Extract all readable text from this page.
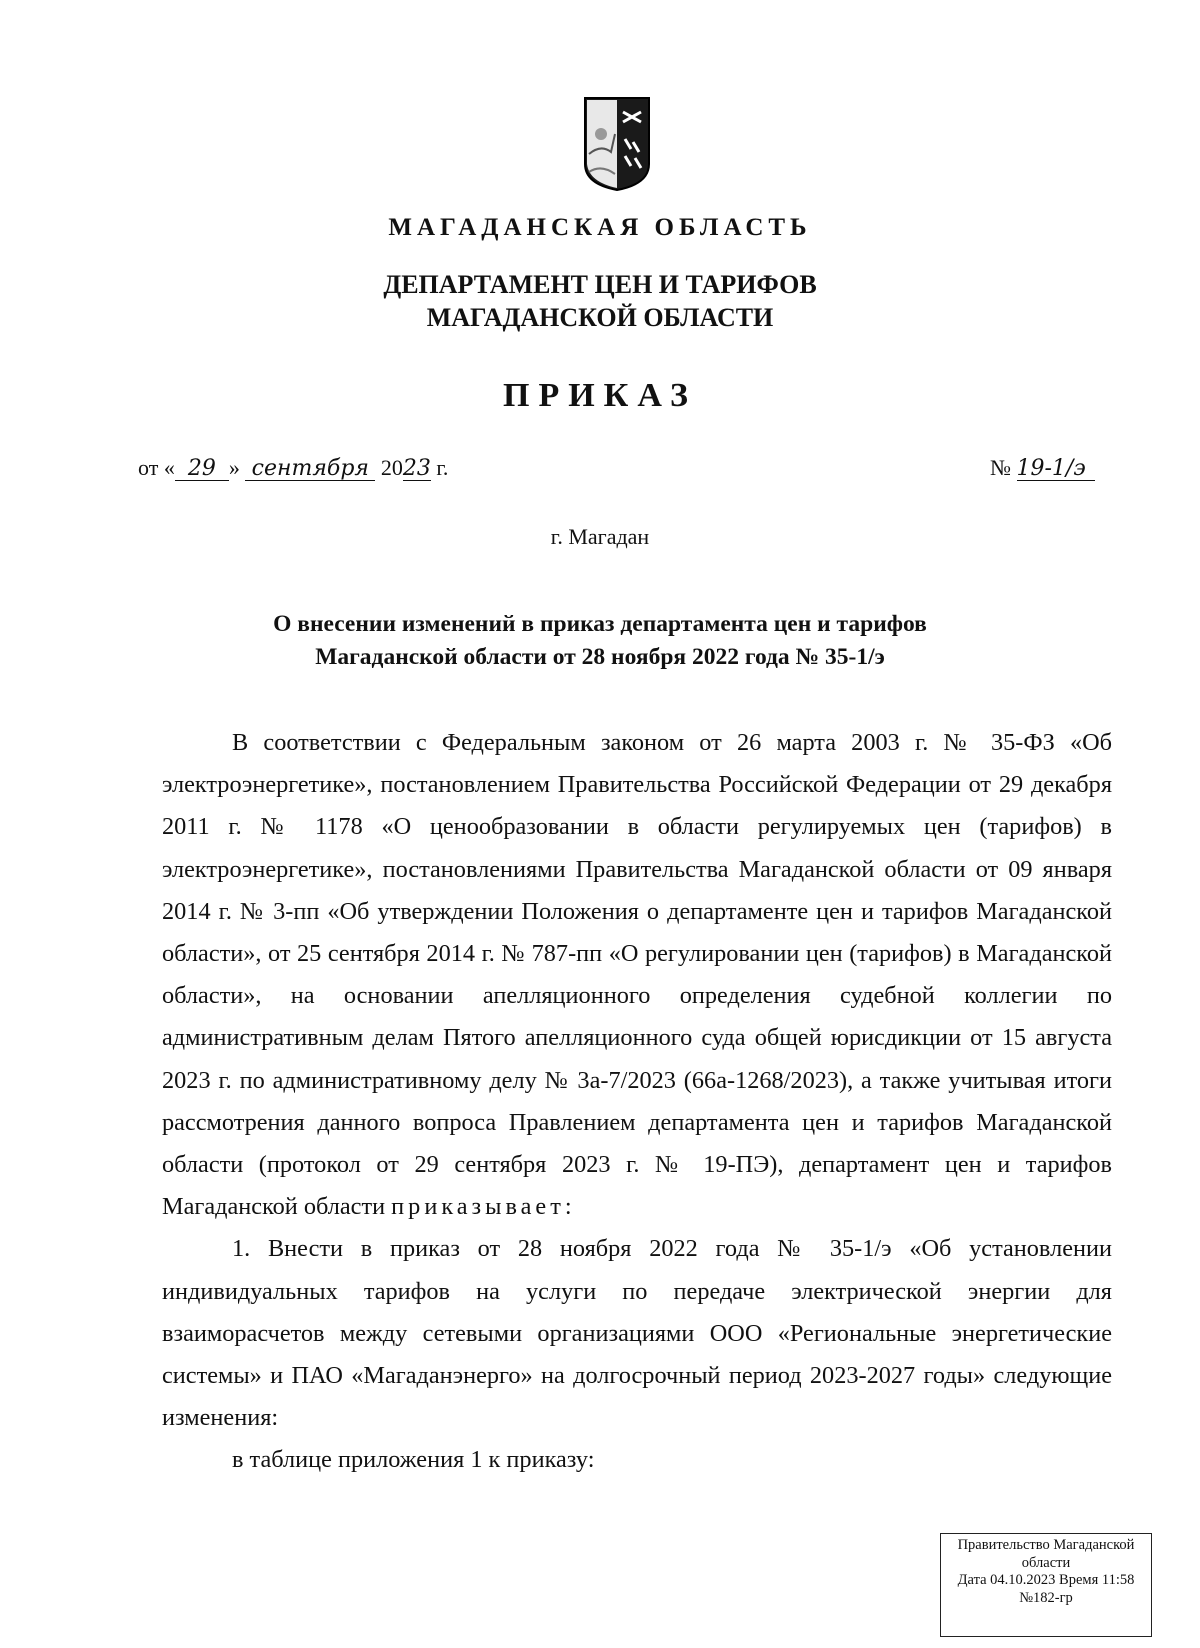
МАГАДАНСКАЯ ОБЛАСТЬ
ДЕПАРТАМЕНТ ЦЕН И ТАРИФОВ
МАГАДАНСКОЙ ОБЛАСТИ
ПРИКАЗ
от « 29 » сентября 2023 г.	№ 19-1/э
г. Магадан
О внесении изменений в приказ департамента цен и тарифов
Магаданской области от 28 ноября 2022 года № 35-1/э

В соответствии с Федеральным законом от 26 марта 2003 г. № 35-ФЗ «Об электроэнергетике», постановлением Правительства Российской Федерации от 29 декабря 2011 г. № 1178 «О ценообразовании в области регулируемых цен (тарифов) в электроэнергетике», постановлениями Правительства Магаданской области от 09 января 2014 г. № 3-пп «Об утверждении Положения о департаменте цен и тарифов Магаданской области», от 25 сентября 2014 г. № 787-пп «О регулировании цен (тарифов) в Магаданской области», на основании апелляционного определения судебной коллегии по административным делам Пятого апелляционного суда общей юрисдикции от 15 августа 2023 г. по административному делу № 3а-7/2023 (66а-1268/2023), а также учитывая итоги рассмотрения данного вопроса Правлением департамента цен и тарифов Магаданской области (протокол от 29 сентября 2023 г. № 19-ПЭ), департамент цен и тарифов Магаданской области приказывает:

1. Внести в приказ от 28 ноября 2022 года № 35-1/э «Об установлении индивидуальных тарифов на услуги по передаче электрической энергии для взаиморасчетов между сетевыми организациями ООО «Региональные энергетические системы» и ПАО «Магаданэнерго» на долгосрочный период 2023-2027 годы» следующие изменения:

в таблице приложения 1 к приказу:

Правительство Магаданской
области
Дата 04.10.2023 Время 11:58
№182-гр
